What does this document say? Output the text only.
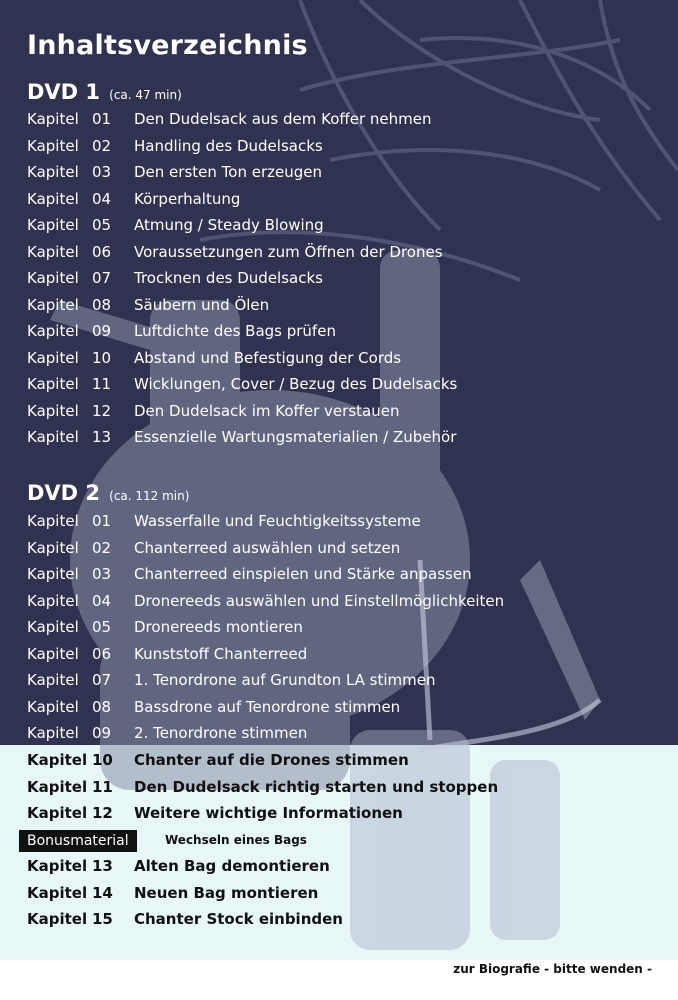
Inhaltsverzeichnis
DVD 1 (ca. 47 min)
Kapitel 01 Den Dudelsack aus dem Koffer nehmen
Kapitel 02 Handling des Dudelsacks
Kapitel 03 Den ersten Ton erzeugen
Kapitel 04 Körperhaltung
Kapitel 05 Atmung / Steady Blowing
Kapitel 06 Voraussetzungen zum Öffnen der Drones
Kapitel 07 Trocknen des Dudelsacks
Kapitel 08 Säubern und Ölen
Kapitel 09 Luftdichte des Bags prüfen
Kapitel 10 Abstand und Befestigung der Cords
Kapitel 11 Wicklungen, Cover / Bezug des Dudelsacks
Kapitel 12 Den Dudelsack im Koffer verstauen
Kapitel 13 Essenzielle Wartungsmaterialien / Zubehör
DVD 2 (ca. 112 min)
Kapitel 01 Wasserfalle und Feuchtigkeitssysteme
Kapitel 02 Chanterreed auswählen und setzen
Kapitel 03 Chanterreed einspielen und Stärke anpassen
Kapitel 04 Dronereeds auswählen und Einstellmöglichkeiten
Kapitel 05 Dronereeds montieren
Kapitel 06 Kunststoff Chanterreed
Kapitel 07 1. Tenordrone auf Grundton LA stimmen
Kapitel 08 Bassdrone auf Tenordrone stimmen
Kapitel 09 2. Tenordrone stimmen
Kapitel 10 Chanter auf die Drones stimmen
Kapitel 11 Den Dudelsack richtig starten und stoppen
Kapitel 12 Weitere wichtige Informationen
Bonusmaterial	Wechseln eines Bags
Kapitel 13 Alten Bag demontieren
Kapitel 14 Neuen Bag montieren
Kapitel 15 Chanter Stock einbinden
zur Biografie - bitte wenden -
